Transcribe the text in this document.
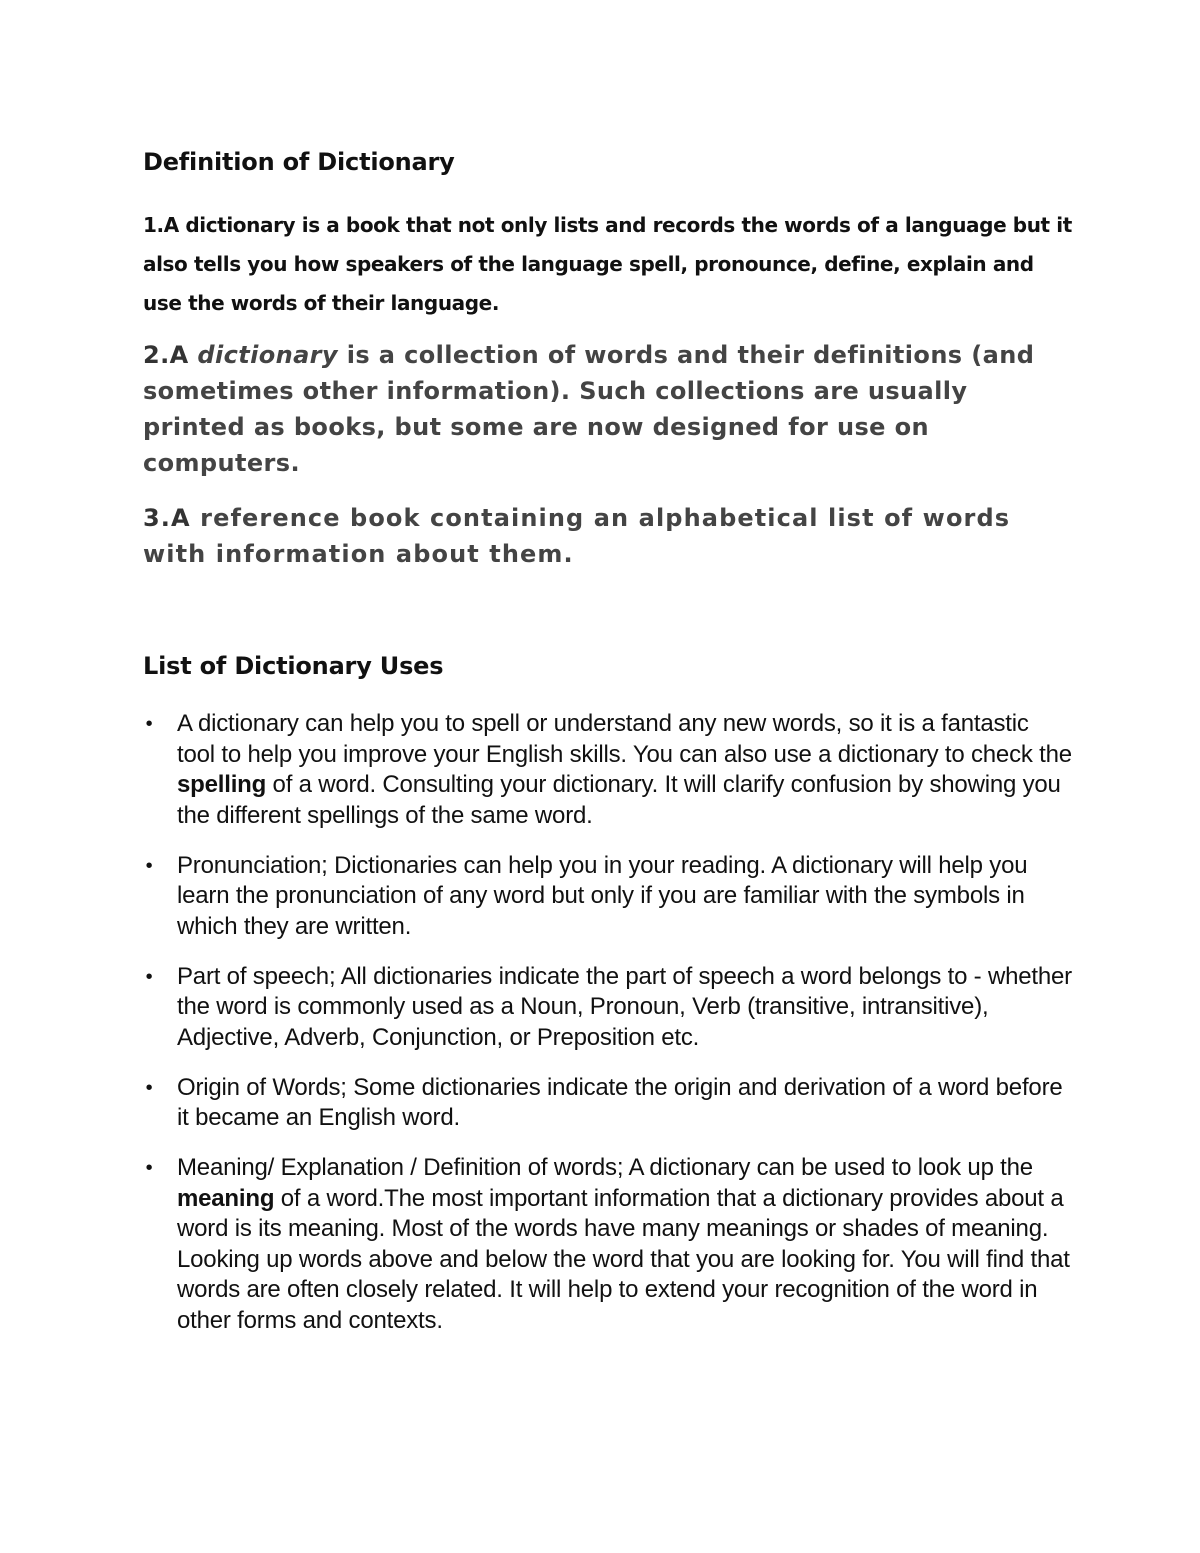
Definition of Dictionary

1.A dictionary is a book that not only lists and records the words of a language but it also tells you how speakers of the language spell, pronounce, define, explain and use the words of their language.

2.A dictionary is a collection of words and their definitions (and sometimes other information). Such collections are usually printed as books, but some are now designed for use on computers.

3.A reference book containing an alphabetical list of words with information about them.

List of Dictionary Uses
• A dictionary can help you to spell or understand any new words, so it is a fantastic tool to help you improve your English skills. You can also use a dictionary to check the spelling of a word. Consulting your dictionary. It will clarify confusion by showing you the different spellings of the same word.
• Pronunciation; Dictionaries can help you in your reading. A dictionary will help you learn the pronunciation of any word but only if you are familiar with the symbols in which they are written.
• Part of speech; All dictionaries indicate the part of speech a word belongs to - whether the word is commonly used as a Noun, Pronoun, Verb (transitive, intransitive), Adjective, Adverb, Conjunction, or Preposition etc.
• Origin of Words; Some dictionaries indicate the origin and derivation of a word before it became an English word.
• Meaning/ Explanation / Definition of words; A dictionary can be used to look up the meaning of a word.The most important information that a dictionary provides about a word is its meaning. Most of the words have many meanings or shades of meaning. Looking up words above and below the word that you are looking for. You will find that words are often closely related. It will help to extend your recognition of the word in other forms and contexts.
